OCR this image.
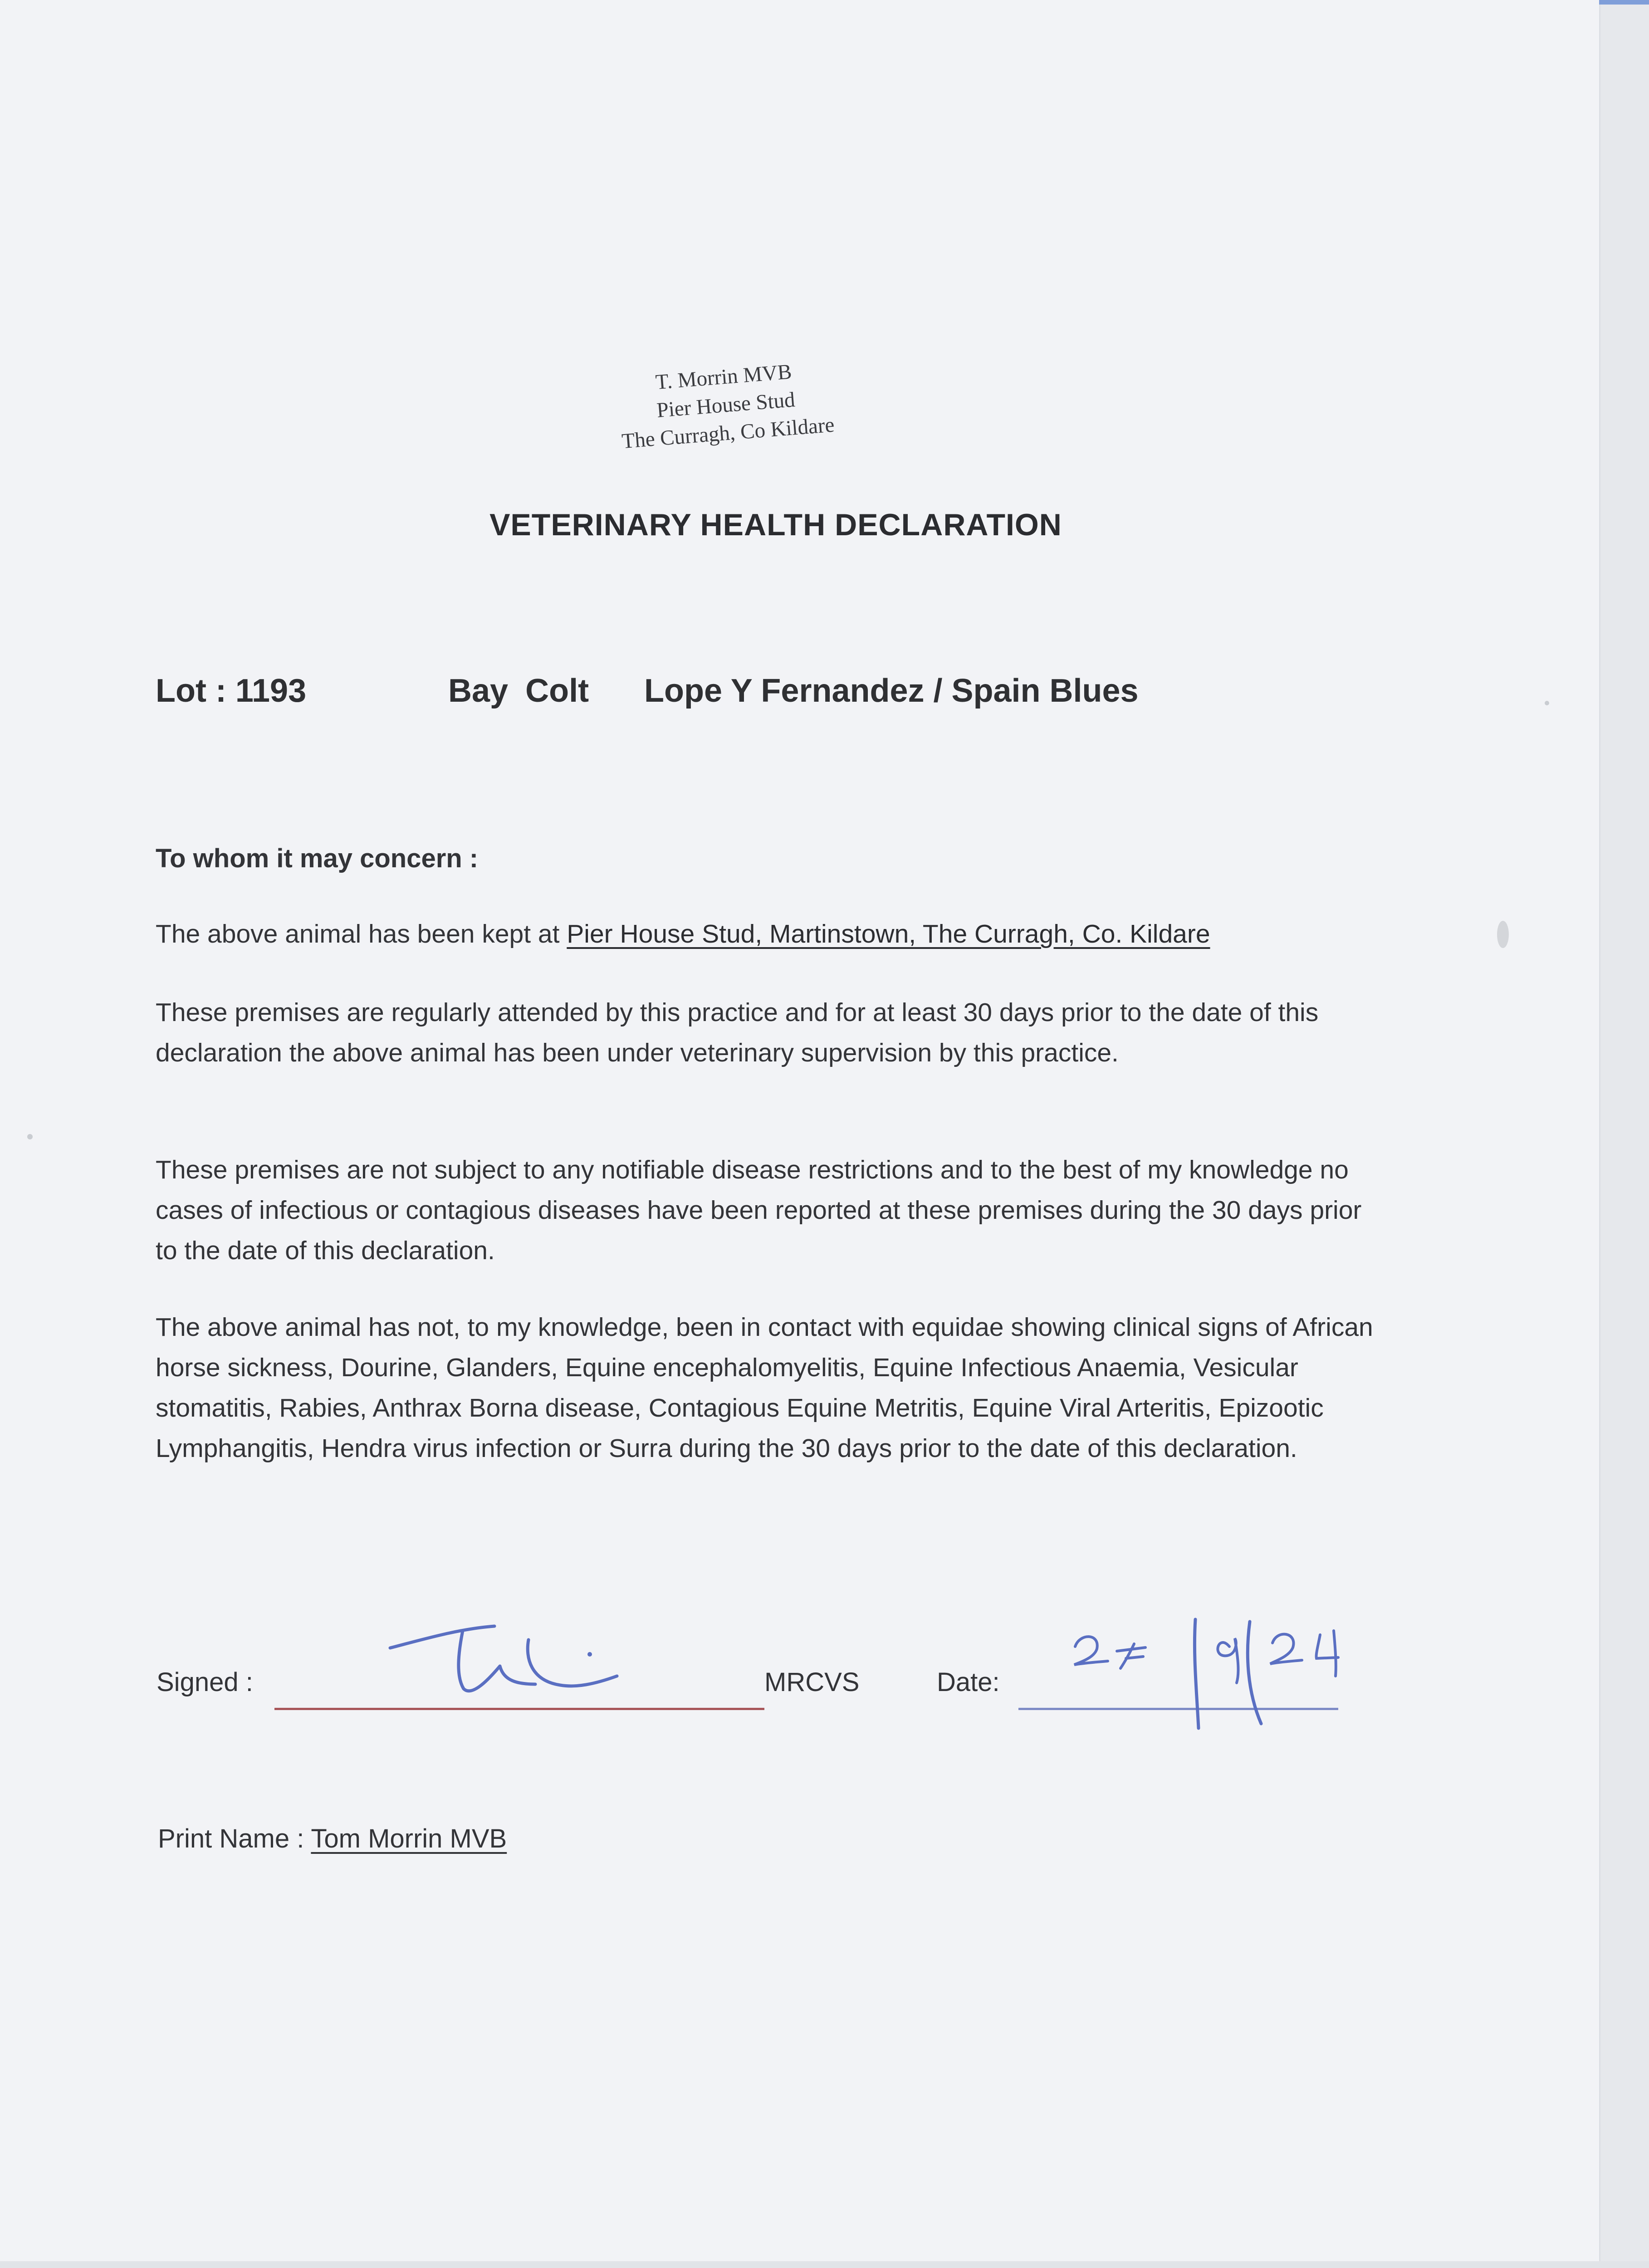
T. Morrin MVB
Pier House Stud
The Curragh, Co Kildare
VETERINARY HEALTH DECLARATION
Lot : 1193	Bay Colt Lope Y Fernandez / Spain Blues
To whom it may concern :
The above animal has been kept at Pier House Stud, Martinstown, The Curragh, Co. Kildare
These premises are regularly attended by this practice and for at least 30 days prior to the date of this declaration the above animal has been under veterinary supervision by this practice.
These premises are not subject to any notifiable disease restrictions and to the best of my knowledge no cases of infectious or contagious diseases have been reported at these premises during the 30 days prior to the date of this declaration.
The above animal has not, to my knowledge, been in contact with equidae showing clinical signs of African horse sickness, Dourine, Glanders, Equine encephalomyelitis, Equine Infectious Anaemia, Vesicular stomatitis, Rabies, Anthrax Borna disease, Contagious Equine Metritis, Equine Viral Arteritis, Epizootic Lymphangitis, Hendra virus infection or Surra during the 30 days prior to the date of this declaration.
Signed :	MRCVS	Date:
Print Name : Tom Morrin MVB
